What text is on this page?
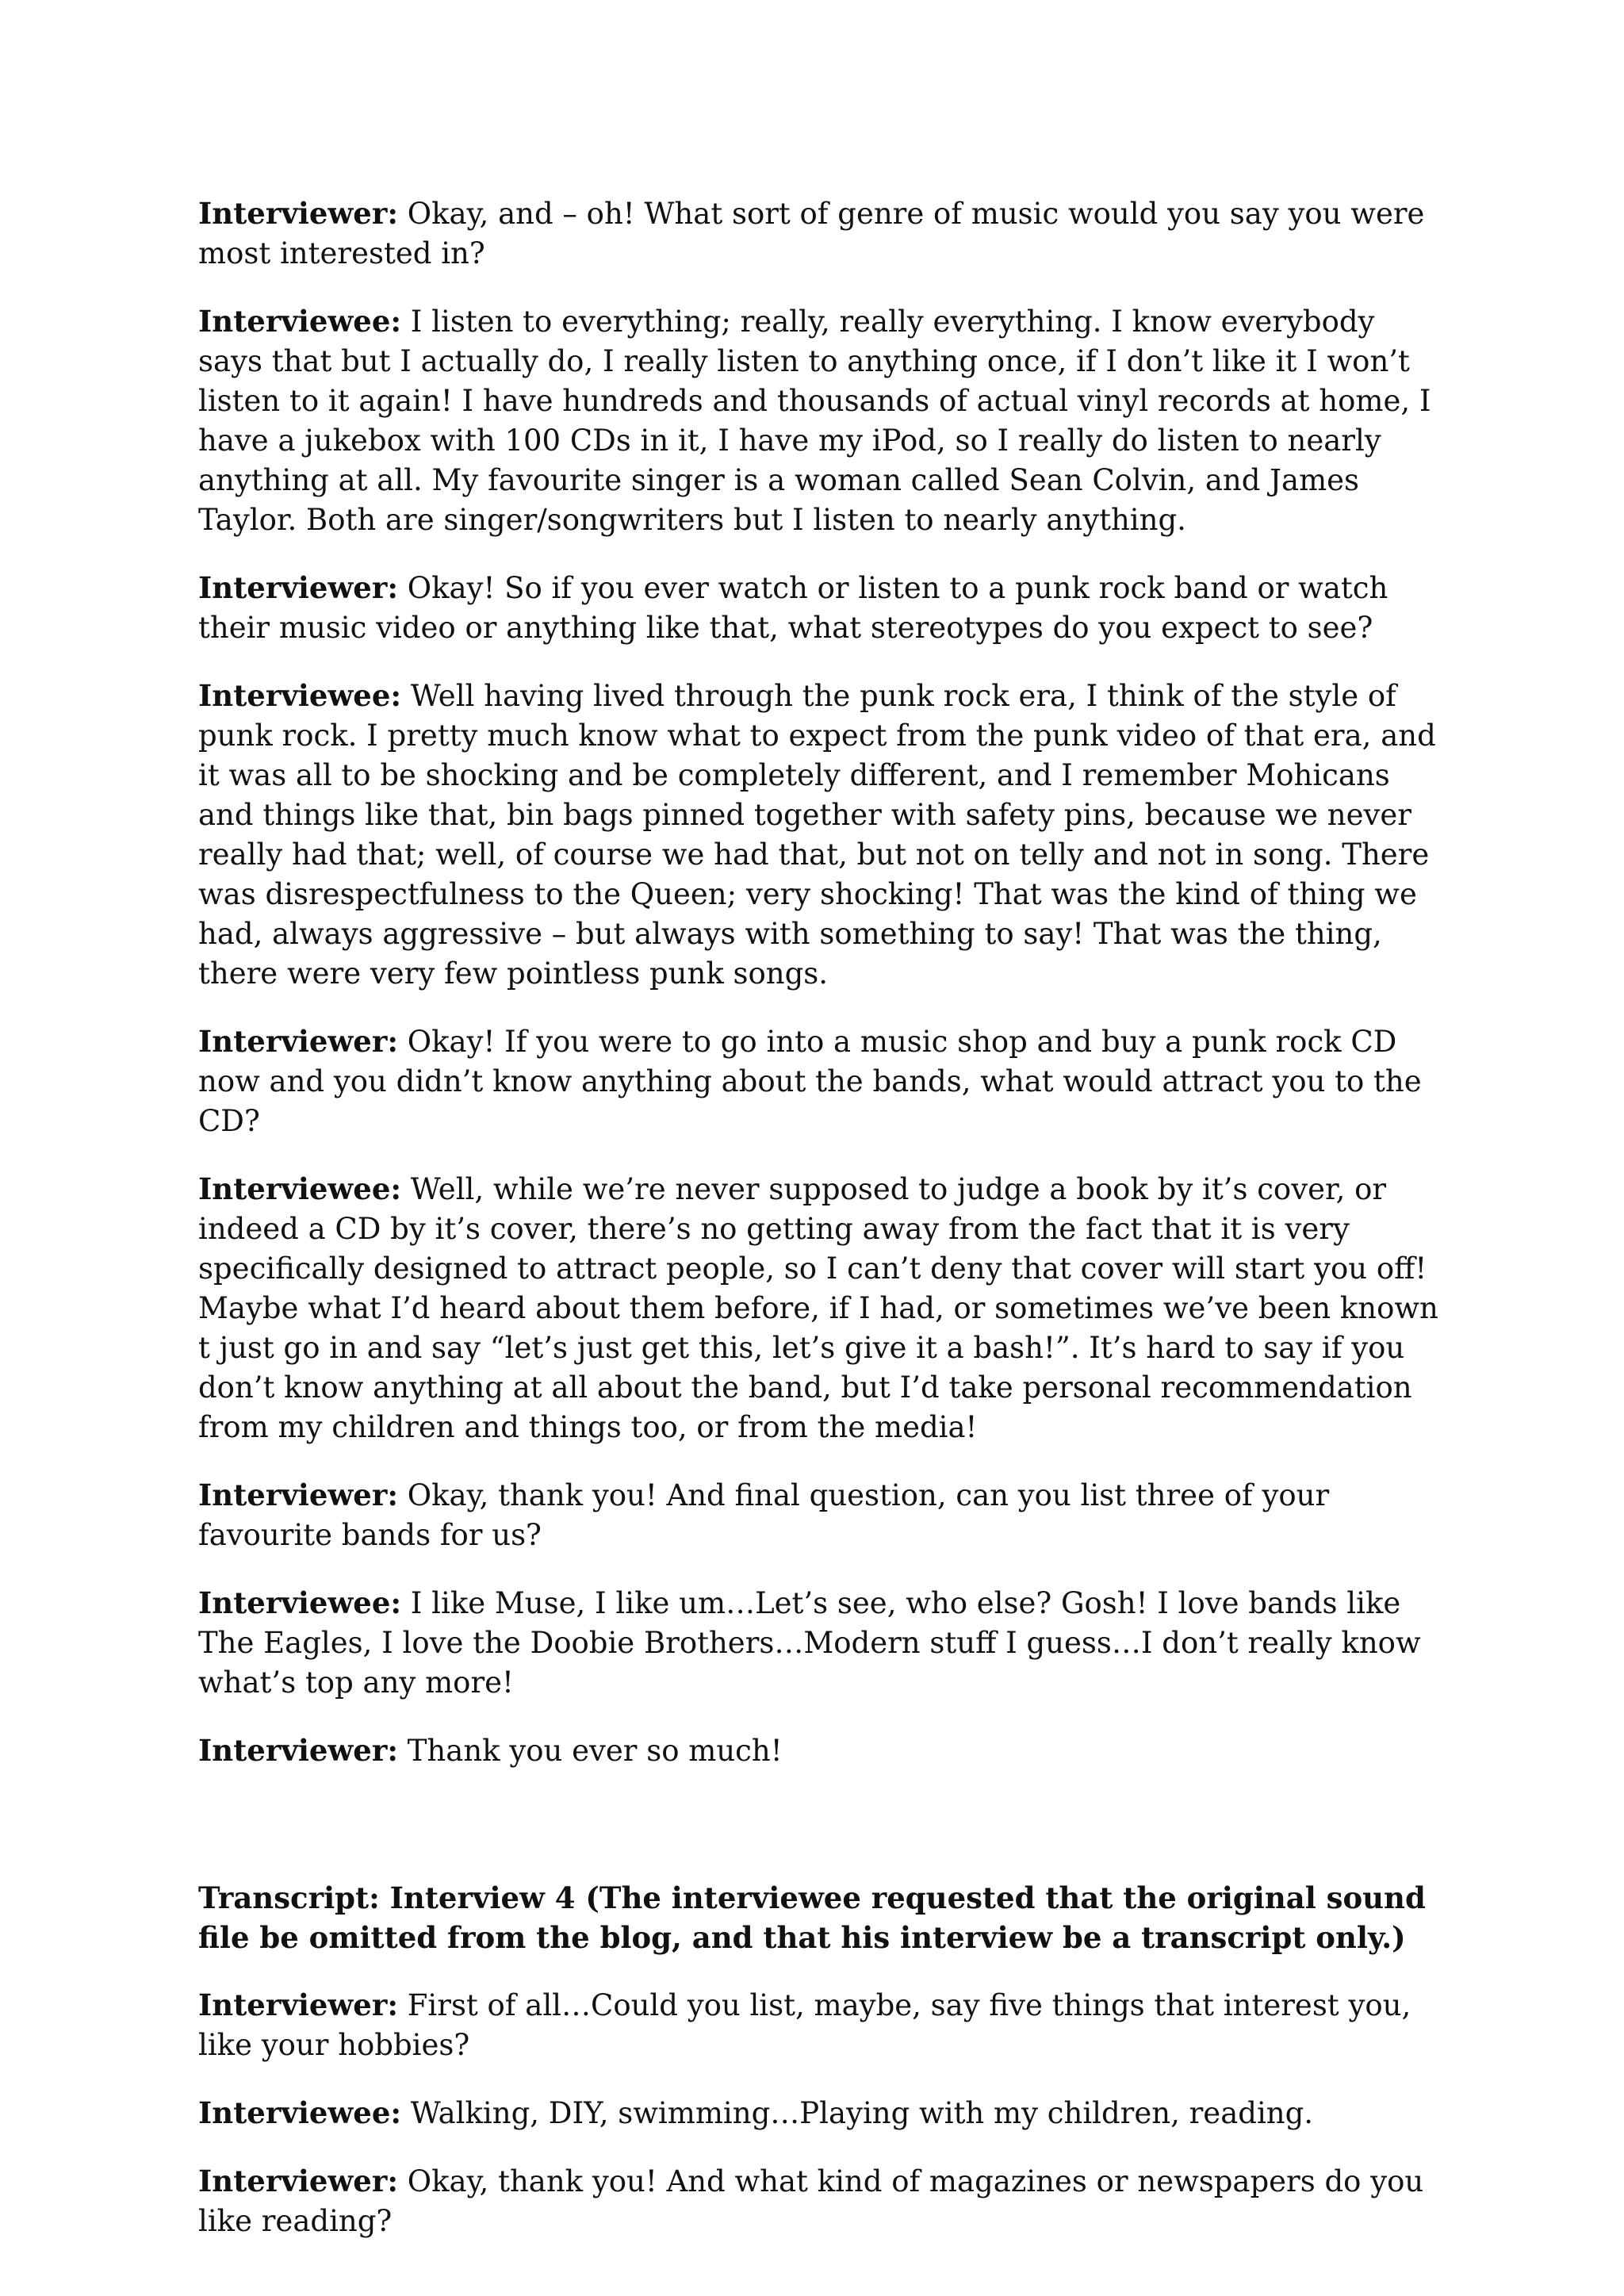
Interviewer: Okay, and – oh! What sort of genre of music would you say you were most interested in?

Interviewee: I listen to everything; really, really everything. I know everybody says that but I actually do, I really listen to anything once, if I don’t like it I won’t listen to it again! I have hundreds and thousands of actual vinyl records at home, I have a jukebox with 100 CDs in it, I have my iPod, so I really do listen to nearly anything at all. My favourite singer is a woman called Sean Colvin, and James Taylor. Both are singer/songwriters but I listen to nearly anything.

Interviewer: Okay! So if you ever watch or listen to a punk rock band or watch their music video or anything like that, what stereotypes do you expect to see?

Interviewee: Well having lived through the punk rock era, I think of the style of punk rock. I pretty much know what to expect from the punk video of that era, and it was all to be shocking and be completely different, and I remember Mohicans and things like that, bin bags pinned together with safety pins, because we never really had that; well, of course we had that, but not on telly and not in song. There was disrespectfulness to the Queen; very shocking! That was the kind of thing we had, always aggressive – but always with something to say! That was the thing, there were very few pointless punk songs.

Interviewer: Okay! If you were to go into a music shop and buy a punk rock CD now and you didn’t know anything about the bands, what would attract you to the CD?

Interviewee: Well, while we’re never supposed to judge a book by it’s cover, or indeed a CD by it’s cover, there’s no getting away from the fact that it is very specifically designed to attract people, so I can’t deny that cover will start you off! Maybe what I’d heard about them before, if I had, or sometimes we’ve been known t just go in and say “let’s just get this, let’s give it a bash!”. It’s hard to say if you don’t know anything at all about the band, but I’d take personal recommendation from my children and things too, or from the media!

Interviewer: Okay, thank you! And final question, can you list three of your favourite bands for us?

Interviewee: I like Muse, I like um…Let’s see, who else? Gosh! I love bands like The Eagles, I love the Doobie Brothers…Modern stuff I guess…I don’t really know what’s top any more!

Interviewer: Thank you ever so much!

Transcript: Interview 4 (The interviewee requested that the original sound file be omitted from the blog, and that his interview be a transcript only.)

Interviewer: First of all…Could you list, maybe, say five things that interest you, like your hobbies?

Interviewee: Walking, DIY, swimming…Playing with my children, reading.

Interviewer: Okay, thank you! And what kind of magazines or newspapers do you like reading?
